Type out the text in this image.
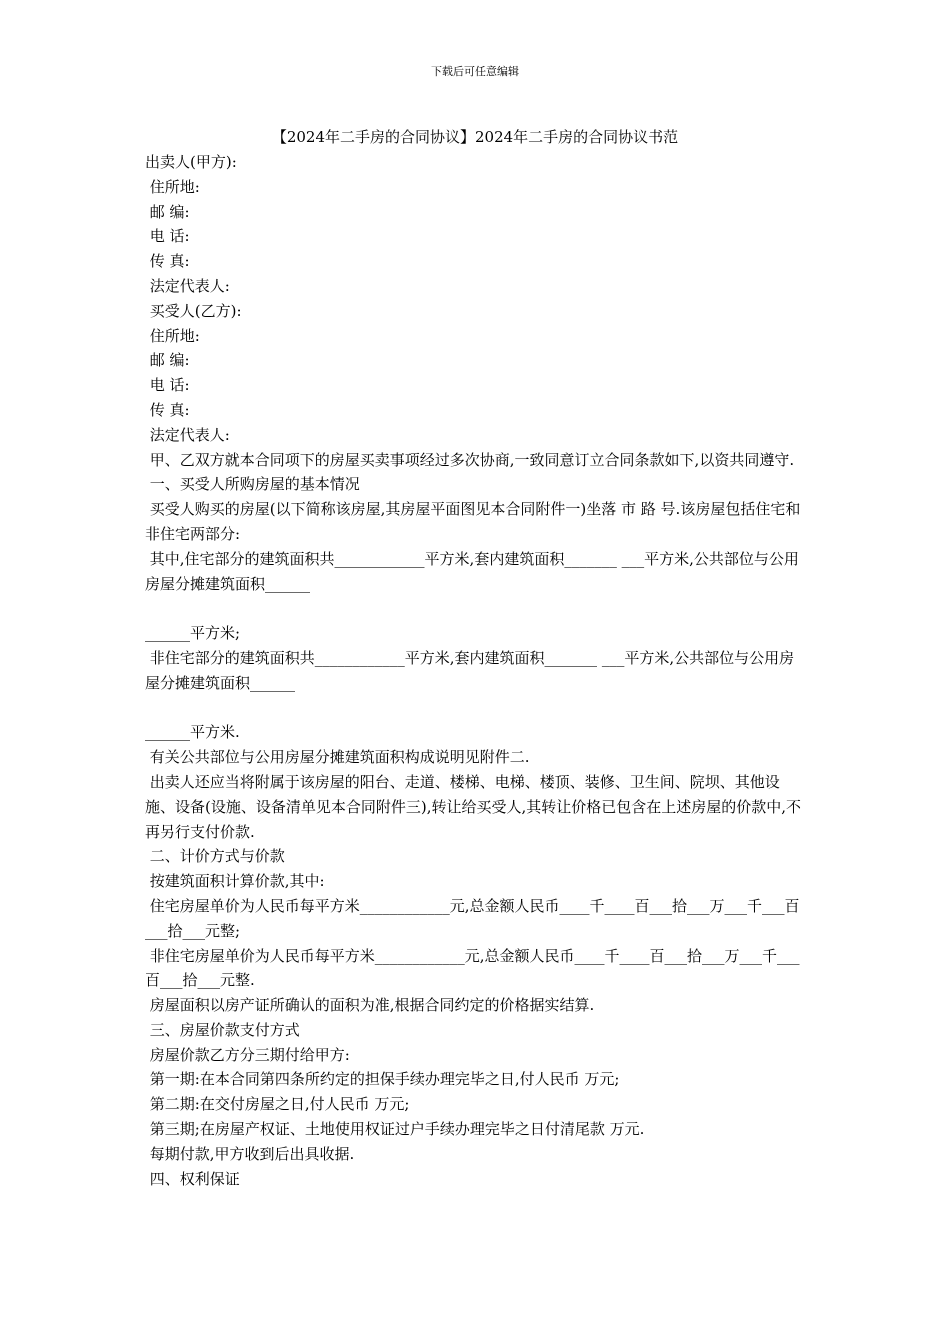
下载后可任意编辑
【2024年二手房的合同协议】2024年二手房的合同协议书范

出卖人(甲方):

住所地:

邮 编:

电 话:

传 真:

法定代表人:

买受人(乙方):

住所地:

邮 编:

电 话:

传 真:

法定代表人:

甲、乙双方就本合同项下的房屋买卖事项经过多次协商,一致同意订立合同条款如下,以资共同遵守.

一、买受人所购房屋的基本情况

买受人购买的房屋(以下简称该房屋,其房屋平面图见本合同附件一)坐落 市 路 号.该房屋包括住宅和非住宅两部分:

其中,住宅部分的建筑面积共____________平方米,套内建筑面积_______ ___平方米,公共部位与公用房屋分摊建筑面积______

______平方米;

非住宅部分的建筑面积共____________平方米,套内建筑面积_______ ___平方米,公共部位与公用房屋分摊建筑面积______

______平方米.

有关公共部位与公用房屋分摊建筑面积构成说明见附件二.

出卖人还应当将附属于该房屋的阳台、走道、楼梯、电梯、楼顶、装修、卫生间、院坝、其他设施、设备(设施、设备清单见本合同附件三),转让给买受人,其转让价格已包含在上述房屋的价款中,不再另行支付价款.

二、计价方式与价款

按建筑面积计算价款,其中:

住宅房屋单价为人民币每平方米____________元,总金额人民币____千____百___拾___万___千___百___拾___元整;

非住宅房屋单价为人民币每平方米____________元,总金额人民币____千____百___拾___万___千___百___拾___元整.

房屋面积以房产证所确认的面积为准,根据合同约定的价格据实结算.

三、房屋价款支付方式

房屋价款乙方分三期付给甲方:

第一期:在本合同第四条所约定的担保手续办理完毕之日,付人民币 万元;

第二期:在交付房屋之日,付人民币 万元;

第三期;在房屋产权证、土地使用权证过户手续办理完毕之日付清尾款 万元.

每期付款,甲方收到后出具收据.

四、权利保证
